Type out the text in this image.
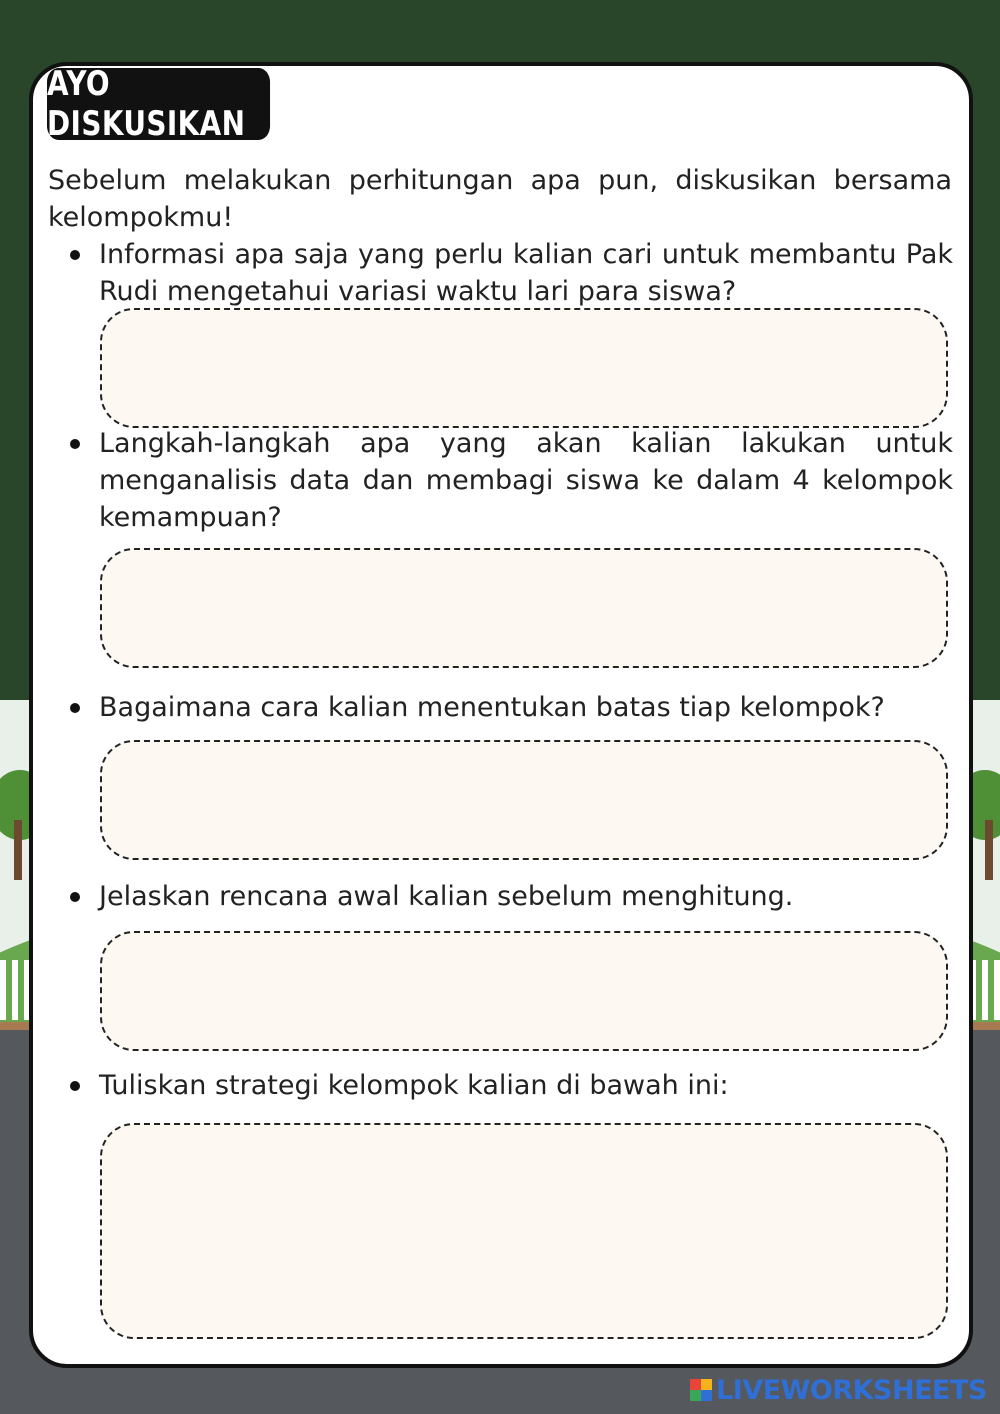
AYO DISKUSIKAN
Sebelum melakukan perhitungan apa pun, diskusikan bersama kelompokmu!
Informasi apa saja yang perlu kalian cari untuk membantu Pak Rudi mengetahui variasi waktu lari para siswa?
Langkah-langkah apa yang akan kalian lakukan untuk menganalisis data dan membagi siswa ke dalam 4 kelompok kemampuan?
Bagaimana cara kalian menentukan batas tiap kelompok?
Jelaskan rencana awal kalian sebelum menghitung.
Tuliskan strategi kelompok kalian di bawah ini:
LIVEWORKSHEETS
